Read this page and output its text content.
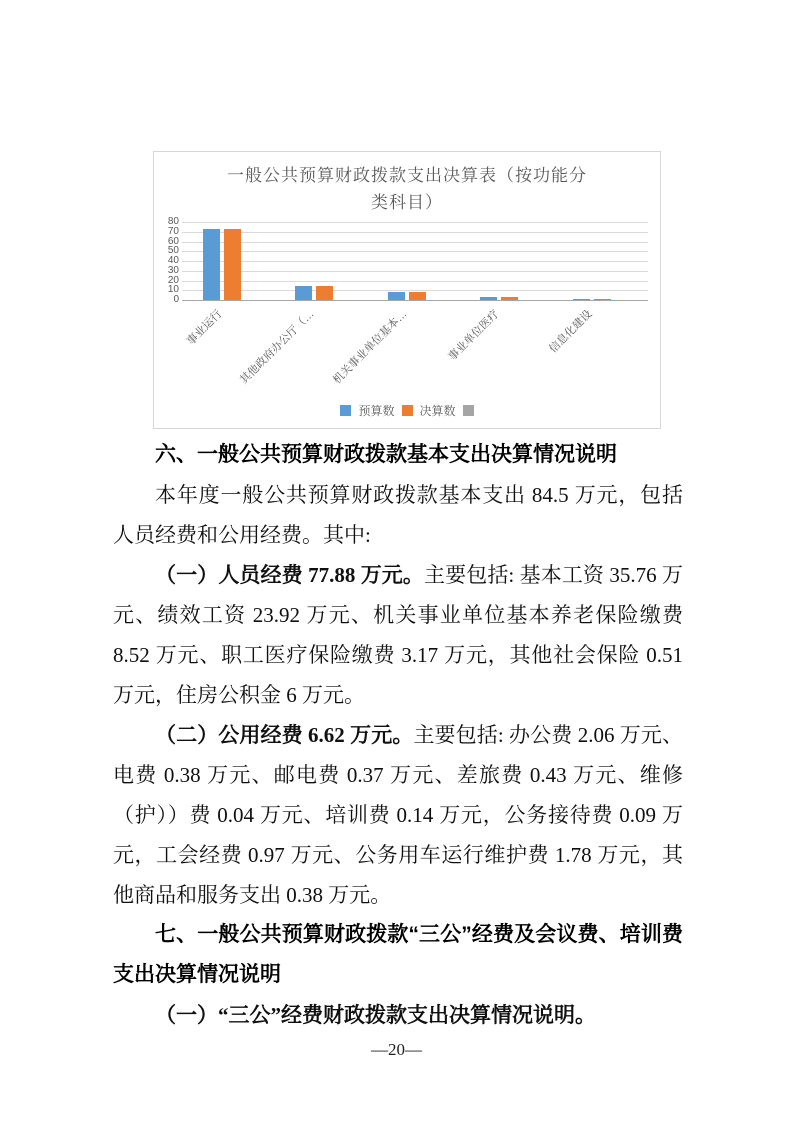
一般公共预算财政拨款支出决算表（按功能分
类科目）
预算数 决算数
0
10
20
30
40
50
60
70
80
事业运行	其他政府办公厅（…	机关事业单位基本…	事业单位医疗	信息化建设

六、一般公共预算财政拨款基本支出决算情况说明

本年度一般公共预算财政拨款基本支出 84.5 万元，包括人员经费和公用经费。其中:

（一）人员经费 77.88 万元。主要包括: 基本工资 35.76 万元、绩效工资 23.92 万元、机关事业单位基本养老保险缴费 8.52 万元、职工医疗保险缴费 3.17 万元，其他社会保险 0.51 万元，住房公积金 6 万元。

（二）公用经费 6.62 万元。主要包括: 办公费 2.06 万元、电费 0.38 万元、邮电费 0.37 万元、差旅费 0.43 万元、维修（护））费 0.04 万元、培训费 0.14 万元，公务接待费 0.09 万元，工会经费 0.97 万元、公务用车运行维护费 1.78 万元，其他商品和服务支出 0.38 万元。

七、一般公共预算财政拨款“三公”经费及会议费、培训费支出决算情况说明

（一）“三公”经费财政拨款支出决算情况说明。

—20—
